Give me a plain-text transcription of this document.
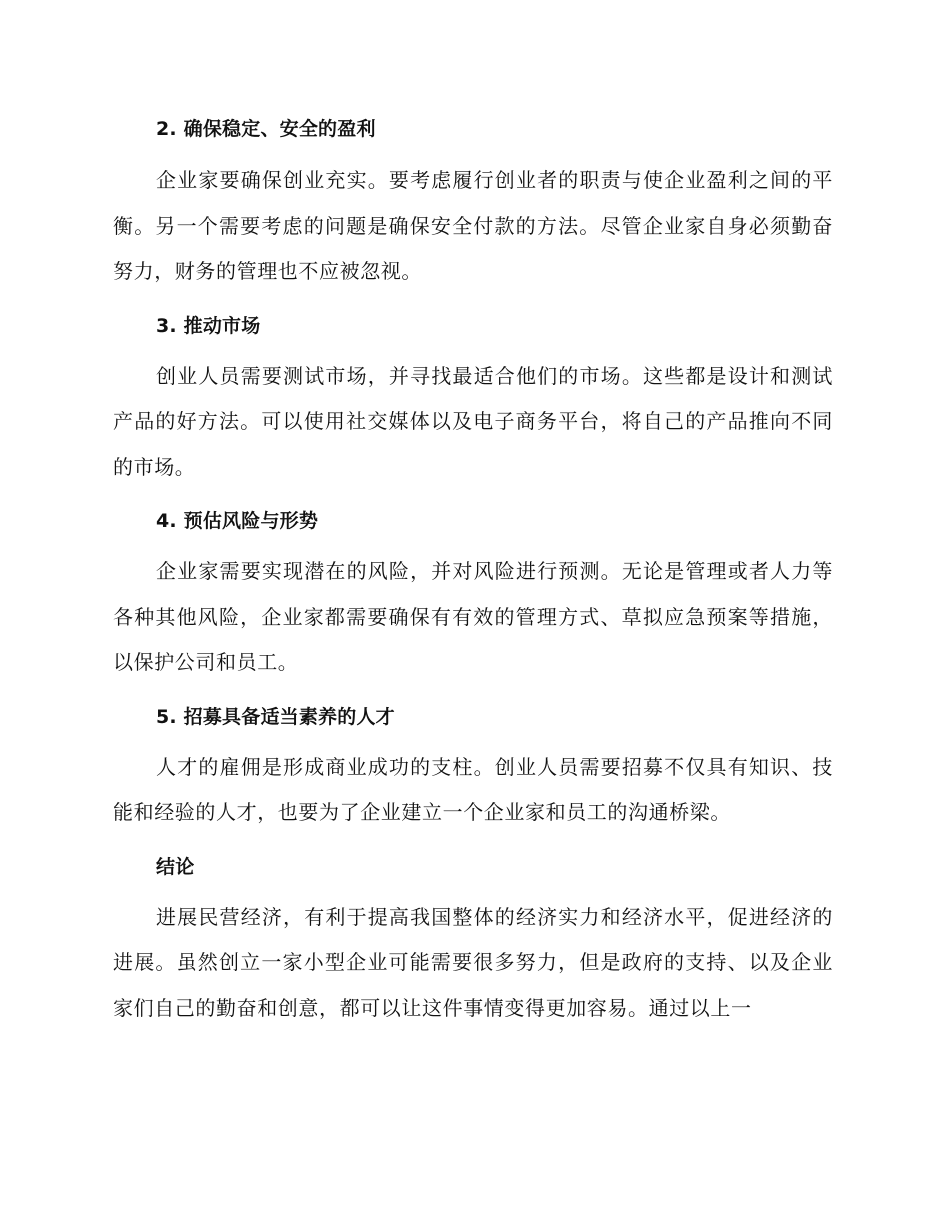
2. 确保稳定、安全的盈利

企业家要确保创业充实。要考虑履行创业者的职责与使企业盈利之间的平衡。另一个需要考虑的问题是确保安全付款的方法。尽管企业家自身必须勤奋努力，财务的管理也不应被忽视。

3. 推动市场

创业人员需要测试市场，并寻找最适合他们的市场。这些都是设计和测试产品的好方法。可以使用社交媒体以及电子商务平台，将自己的产品推向不同的市场。

4. 预估风险与形势

企业家需要实现潜在的风险，并对风险进行预测。无论是管理或者人力等各种其他风险，企业家都需要确保有有效的管理方式、草拟应急预案等措施，以保护公司和员工。

5. 招募具备适当素养的人才

人才的雇佣是形成商业成功的支柱。创业人员需要招募不仅具有知识、技能和经验的人才，也要为了企业建立一个企业家和员工的沟通桥梁。

结论

进展民营经济，有利于提高我国整体的经济实力和经济水平，促进经济的进展。虽然创立一家小型企业可能需要很多努力，但是政府的支持、以及企业家们自己的勤奋和创意，都可以让这件事情变得更加容易。通过以上一
